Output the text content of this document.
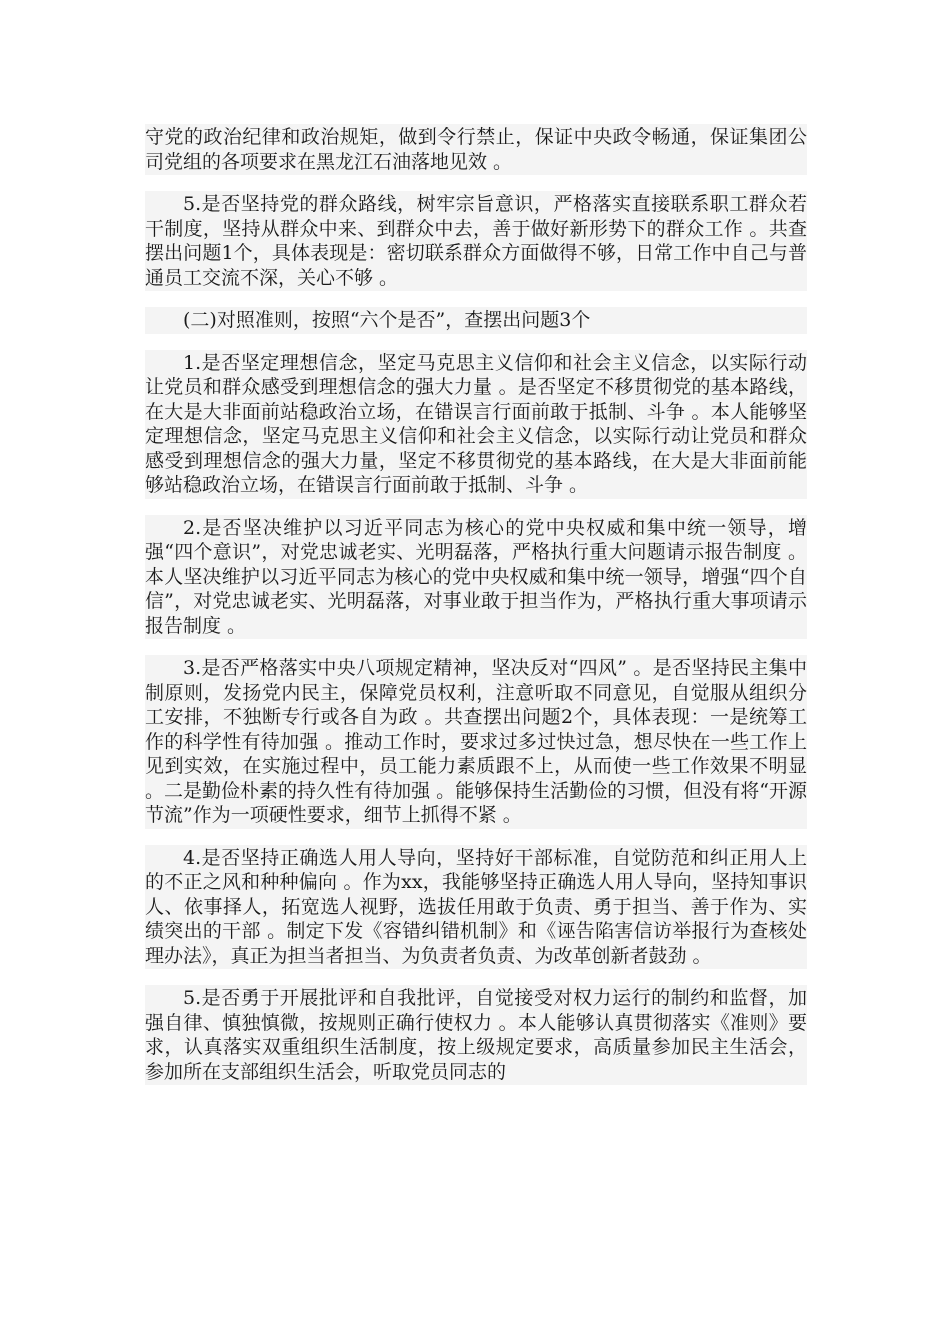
守党的政治纪律和政治规矩，做到令行禁止，保证中央政令畅通，保证集团公司党组的各项要求在黑龙江石油落地见效 。

5.是否坚持党的群众路线，树牢宗旨意识，严格落实直接联系职工群众若干制度，坚持从群众中来、到群众中去，善于做好新形势下的群众工作 。共查摆出问题1个，具体表现是：密切联系群众方面做得不够，日常工作中自己与普通员工交流不深，关心不够 。

(二)对照准则，按照“六个是否”，查摆出问题3个

1.是否坚定理想信念，坚定马克思主义信仰和社会主义信念，以实际行动让党员和群众感受到理想信念的强大力量 。是否坚定不移贯彻党的基本路线，在大是大非面前站稳政治立场，在错误言行面前敢于抵制、斗争 。本人能够坚定理想信念，坚定马克思主义信仰和社会主义信念，以实际行动让党员和群众感受到理想信念的强大力量，坚定不移贯彻党的基本路线，在大是大非面前能够站稳政治立场，在错误言行面前敢于抵制、斗争 。

2.是否坚决维护以习近平同志为核心的党中央权威和集中统一领导，增强“四个意识”，对党忠诚老实、光明磊落，严格执行重大问题请示报告制度 。本人坚决维护以习近平同志为核心的党中央权威和集中统一领导，增强“四个自信”，对党忠诚老实、光明磊落，对事业敢于担当作为，严格执行重大事项请示报告制度 。

3.是否严格落实中央八项规定精神，坚决反对“四风” 。是否坚持民主集中制原则，发扬党内民主，保障党员权利，注意听取不同意见，自觉服从组织分工安排，不独断专行或各自为政 。共查摆出问题2个，具体表现：一是统筹工作的科学性有待加强 。推动工作时，要求过多过快过急，想尽快在一些工作上见到实效，在实施过程中，员工能力素质跟不上，从而使一些工作效果不明显 。二是勤俭朴素的持久性有待加强 。能够保持生活勤俭的习惯，但没有将“开源节流”作为一项硬性要求，细节上抓得不紧 。

4.是否坚持正确选人用人导向，坚持好干部标准，自觉防范和纠正用人上的不正之风和种种偏向 。作为xx，我能够坚持正确选人用人导向，坚持知事识人、依事择人，拓宽选人视野，选拔任用敢于负责、勇于担当、善于作为、实绩突出的干部 。制定下发《容错纠错机制》和《诬告陷害信访举报行为查核处理办法》，真正为担当者担当、为负责者负责、为改革创新者鼓劲 。

5.是否勇于开展批评和自我批评，自觉接受对权力运行的制约和监督，加强自律、慎独慎微，按规则正确行使权力 。本人能够认真贯彻落实《准则》要求，认真落实双重组织生活制度，按上级规定要求，高质量参加民主生活会，参加所在支部组织生活会，听取党员同志的
